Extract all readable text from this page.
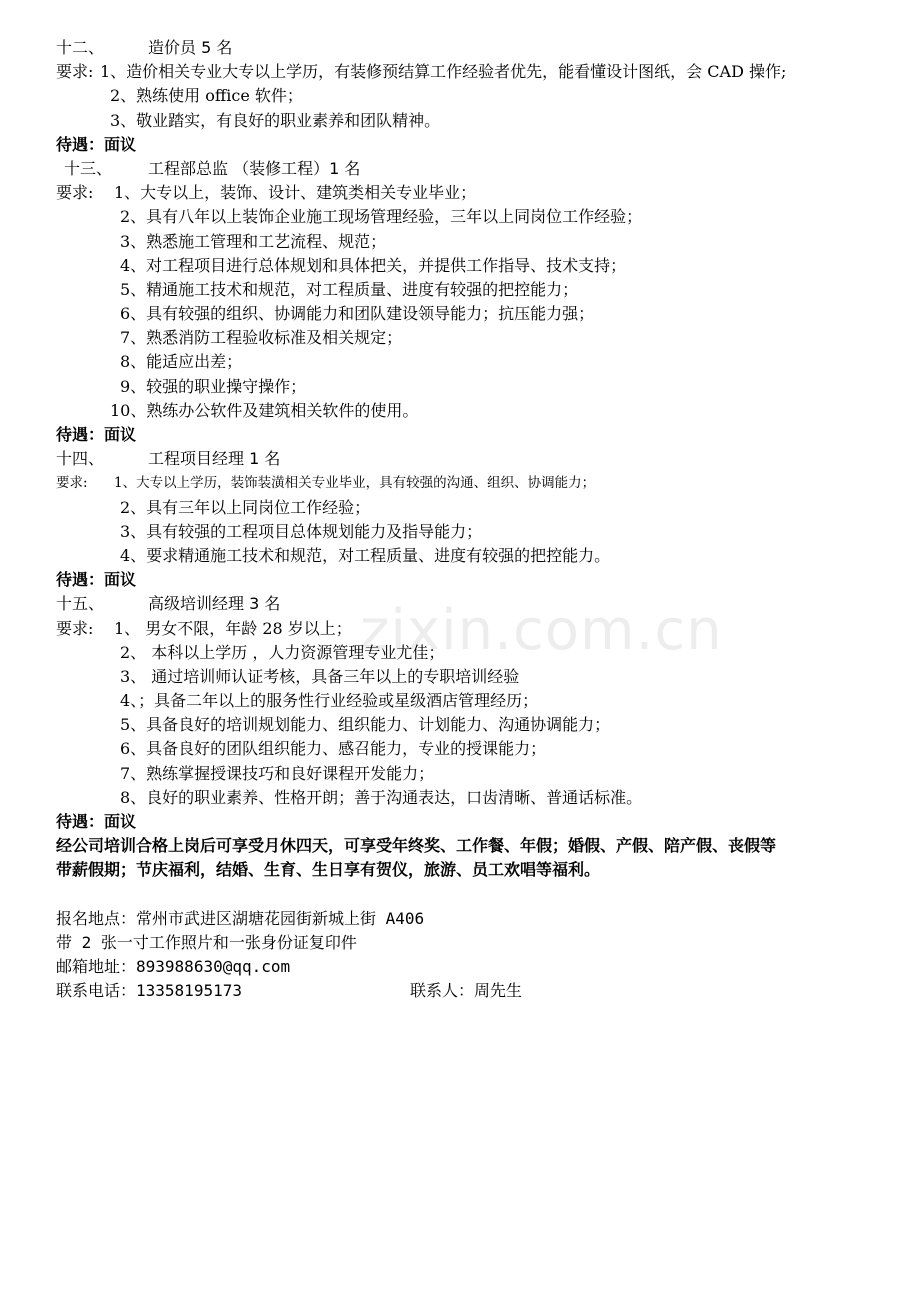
zixin.com.cn
十二、	造价员 5 名
要求: 1、造价相关专业大专以上学历，有装修预结算工作经验者优先，能看懂设计图纸，会 CAD 操作;
2、熟练使用 office 软件；
3、敬业踏实，有良好的职业素养和团队精神。
待遇：面议
十三、 工程部总监 （装修工程）1 名
要求: 1、大专以上，装饰、设计、建筑类相关专业毕业；
2、具有八年以上装饰企业施工现场管理经验，三年以上同岗位工作经验；
3、熟悉施工管理和工艺流程、规范；
4、对工程项目进行总体规划和具体把关，并提供工作指导、技术支持；
5、精通施工技术和规范，对工程质量、进度有较强的把控能力；
6、具有较强的组织、协调能力和团队建设领导能力；抗压能力强；
7、熟悉消防工程验收标准及相关规定；
8、能适应出差；
9、较强的职业操守操作；
10、熟练办公软件及建筑相关软件的使用。
待遇：面议
十四、	工程项目经理 1 名
要求: 1、大专以上学历，装饰装潢相关专业毕业，具有较强的沟通、组织、协调能力；
2、具有三年以上同岗位工作经验；
3、具有较强的工程项目总体规划能力及指导能力；
4、要求精通施工技术和规范，对工程质量、进度有较强的把控能力。
待遇：面议
十五、	高级培训经理 3 名
要求: 1、 男女不限，年龄 28 岁以上；
2、 本科以上学历 ，人力资源管理专业尤佳；
3、 通过培训师认证考核，具备三年以上的专职培训经验
4、；具备二年以上的服务性行业经验或星级酒店管理经历；
5、具备良好的培训规划能力、组织能力、计划能力、沟通协调能力；
6、具备良好的团队组织能力、感召能力，专业的授课能力；
7、熟练掌握授课技巧和良好课程开发能力；
8、良好的职业素养、性格开朗；善于沟通表达，口齿清晰、普通话标准。
待遇：面议
经公司培训合格上岗后可享受月休四天，可享受年终奖、工作餐、年假；婚假、产假、陪产假、丧假等
带薪假期；节庆福利，结婚、生育、生日享有贺仪，旅游、员工欢唱等福利。
报名地点：常州市武进区湖塘花园街新城上街 A406
带 2 张一寸工作照片和一张身份证复印件
邮箱地址：893988630@qq.com
联系电话：13358195173	联系人：周先生
